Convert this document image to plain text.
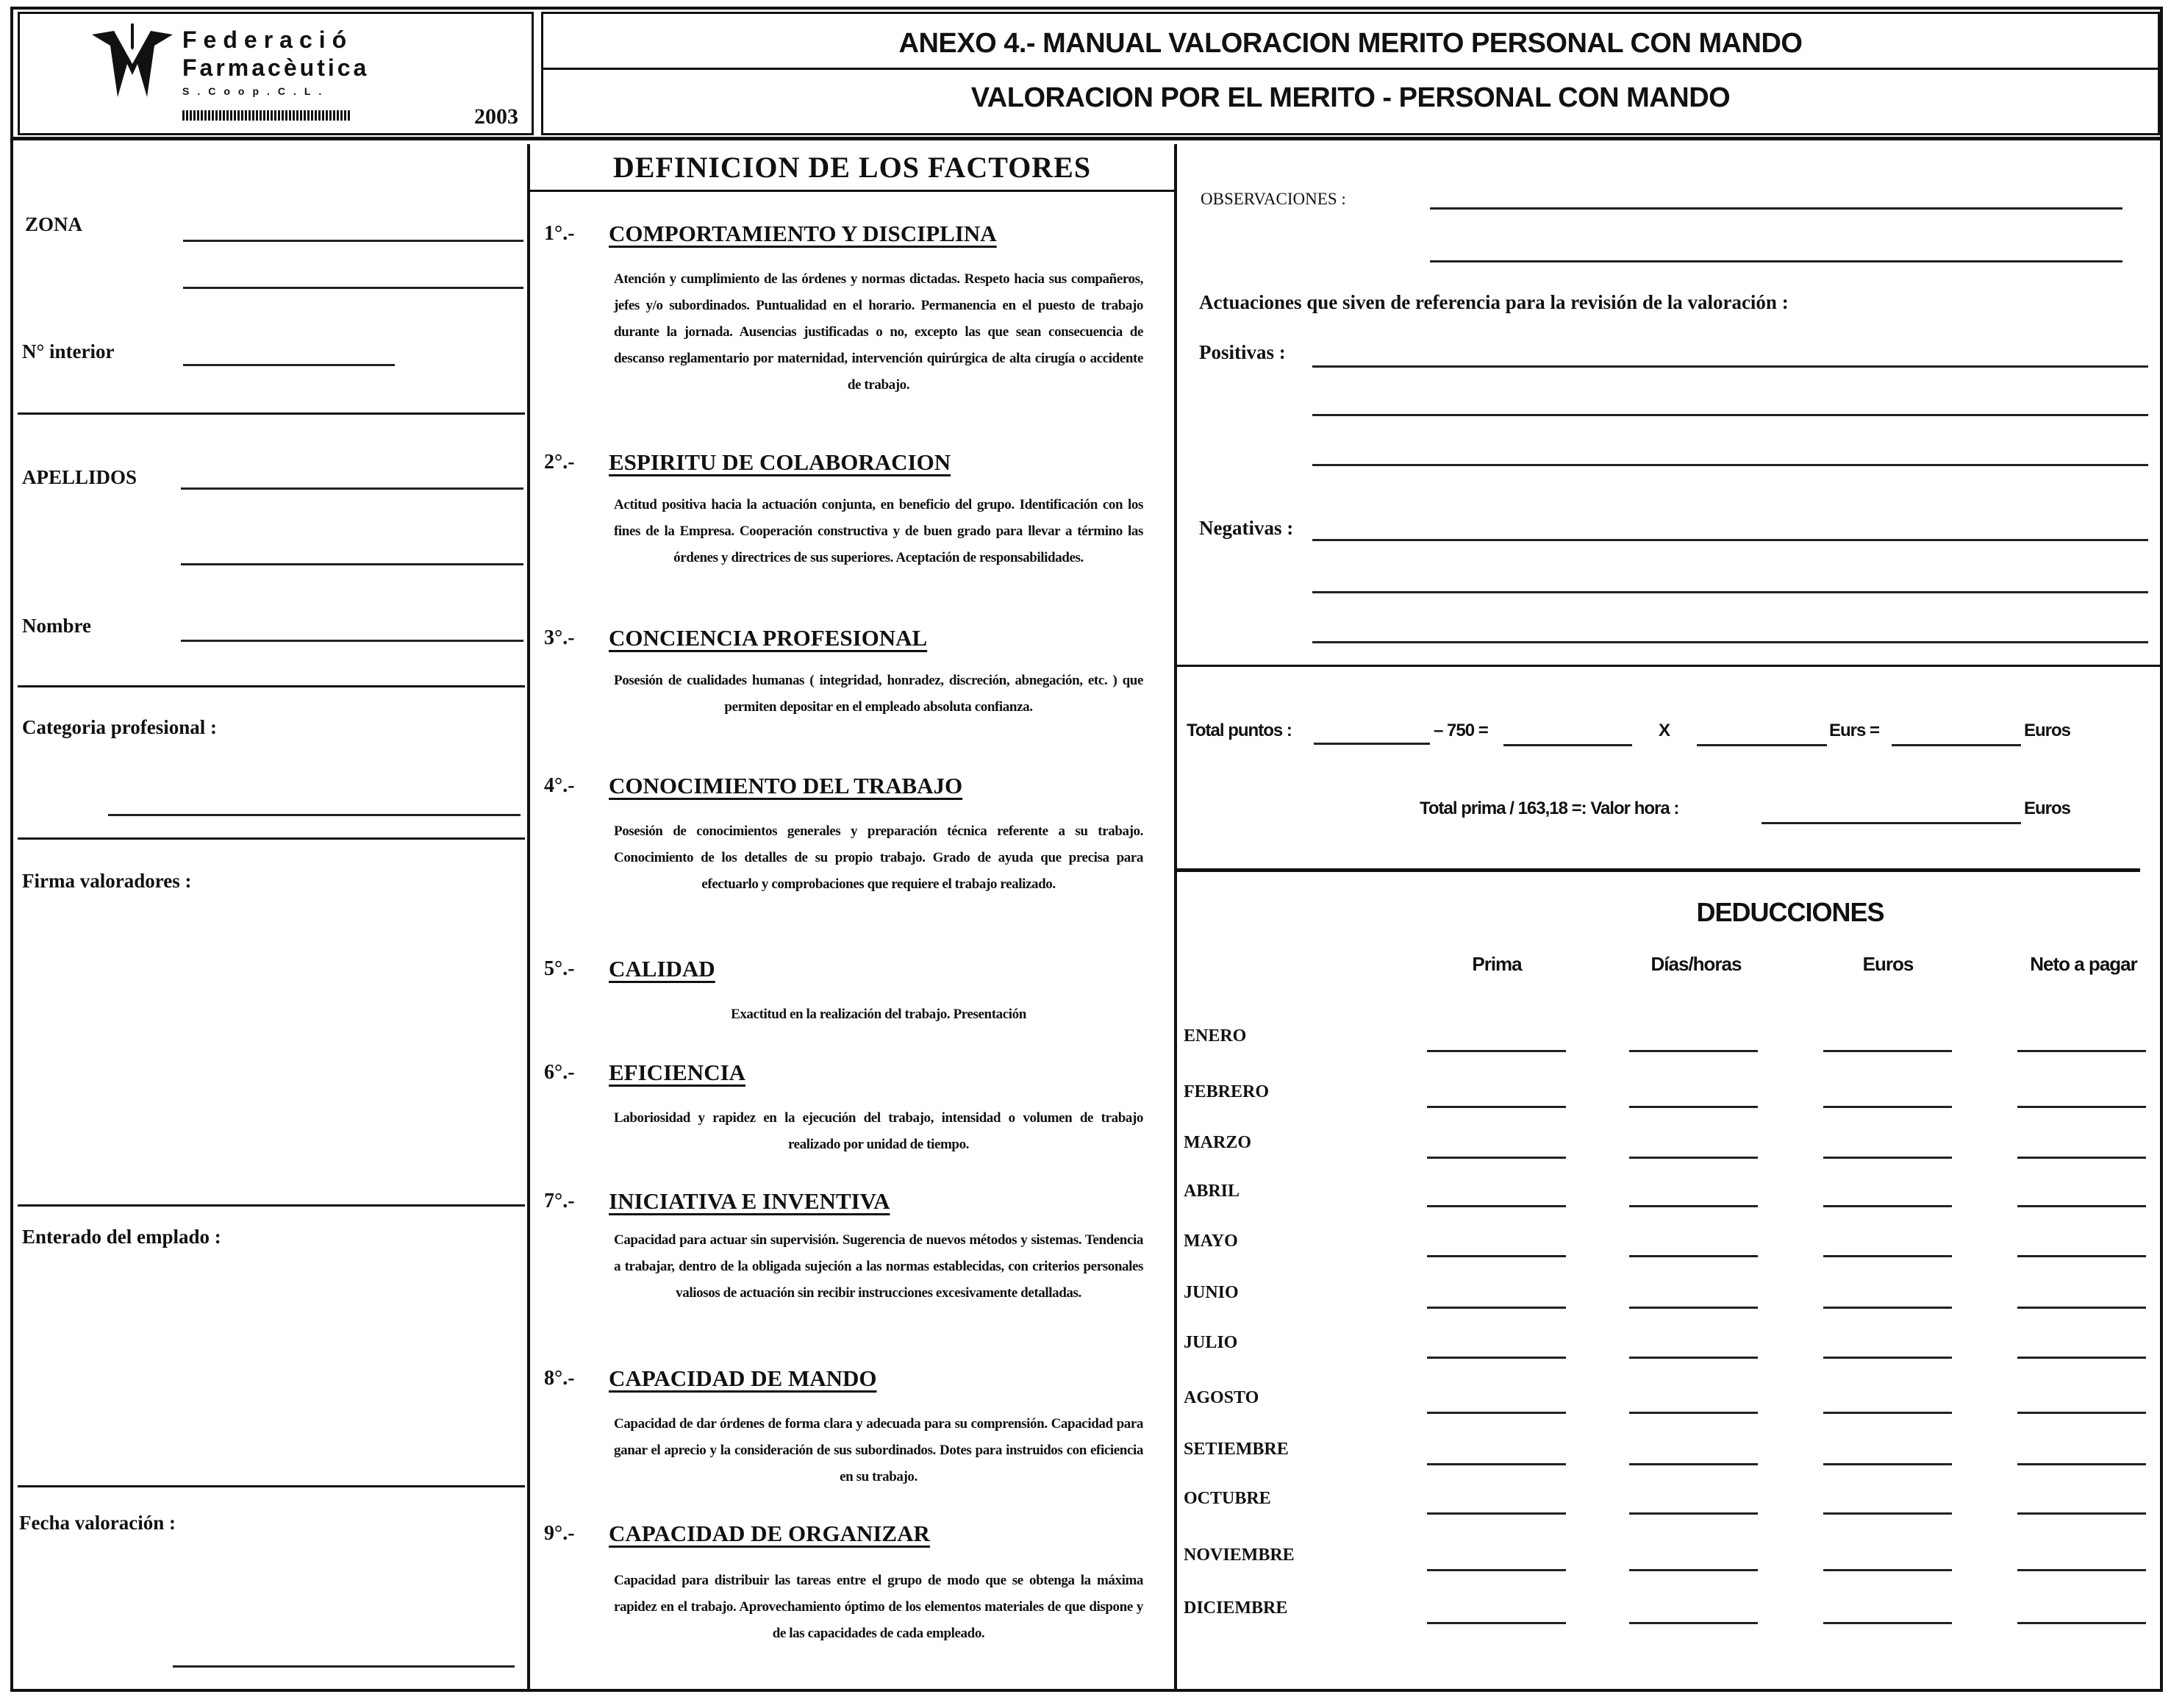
Federació
Farmacèutica
S.Coop.C.L.
2003
ANEXO 4.- MANUAL VALORACION MERITO PERSONAL CON MANDO
VALORACION POR EL MERITO - PERSONAL CON MANDO
ZONA
N° interior
APELLIDOS
Nombre
Categoria profesional :
Firma valoradores :
Enterado del emplado :
Fecha valoración :
DEFINICION DE LOS FACTORES
1°.- COMPORTAMIENTO Y DISCIPLINA
Atención y cumplimiento de las órdenes y normas dictadas. Respeto hacia sus compañeros, jefes y/o subordinados. Puntualidad en el horario. Permanencia en el puesto de trabajo durante la jornada. Ausencias justificadas o no, excepto las que sean consecuencia de descanso reglamentario por maternidad, intervención quirúrgica de alta cirugía o accidente de trabajo.
2°.- ESPIRITU DE COLABORACION
Actitud positiva hacia la actuación conjunta, en beneficio del grupo. Identificación con los fines de la Empresa. Cooperación constructiva y de buen grado para llevar a término las órdenes y directrices de sus superiores. Aceptación de responsabilidades.
3°.- CONCIENCIA PROFESIONAL
Posesión de cualidades humanas ( integridad, honradez, discreción, abnegación, etc. ) que permiten depositar en el empleado absoluta confianza.
4°.- CONOCIMIENTO DEL TRABAJO
Posesión de conocimientos generales y preparación técnica referente a su trabajo. Conocimiento de los detalles de su propio trabajo. Grado de ayuda que precisa para efectuarlo y comprobaciones que requiere el trabajo realizado.
5°.- CALIDAD
Exactitud en la realización del trabajo. Presentación
6°.- EFICIENCIA
Laboriosidad y rapidez en la ejecución del trabajo, intensidad o volumen de trabajo realizado por unidad de tiempo.
7°.- INICIATIVA E INVENTIVA
Capacidad para actuar sin supervisión. Sugerencia de nuevos métodos y sistemas. Tendencia a trabajar, dentro de la obligada sujeción a las normas establecidas, con criterios personales valiosos de actuación sin recibir instrucciones excesivamente detalladas.
8°.- CAPACIDAD DE MANDO
Capacidad de dar órdenes de forma clara y adecuada para su comprensión. Capacidad para ganar el aprecio y la consideración de sus subordinados. Dotes para instruidos con eficiencia en su trabajo.
9°.- CAPACIDAD DE ORGANIZAR
Capacidad para distribuir las tareas entre el grupo de modo que se obtenga la máxima rapidez en el trabajo. Aprovechamiento óptimo de los elementos materiales de que dispone y de las capacidades de cada empleado.
OBSERVACIONES :
Actuaciones que siven de referencia para la revisión de la valoración :
Positivas :
Negativas :
Total puntos :	– 750 =	X	Eurs =	Euros
Total prima / 163,18 =: Valor hora :	Euros
DEDUCCIONES
Prima	Días/horas	Euros	Neto a pagar
ENERO
FEBRERO
MARZO
ABRIL
MAYO
JUNIO
JULIO
AGOSTO
SETIEMBRE
OCTUBRE
NOVIEMBRE
DICIEMBRE
